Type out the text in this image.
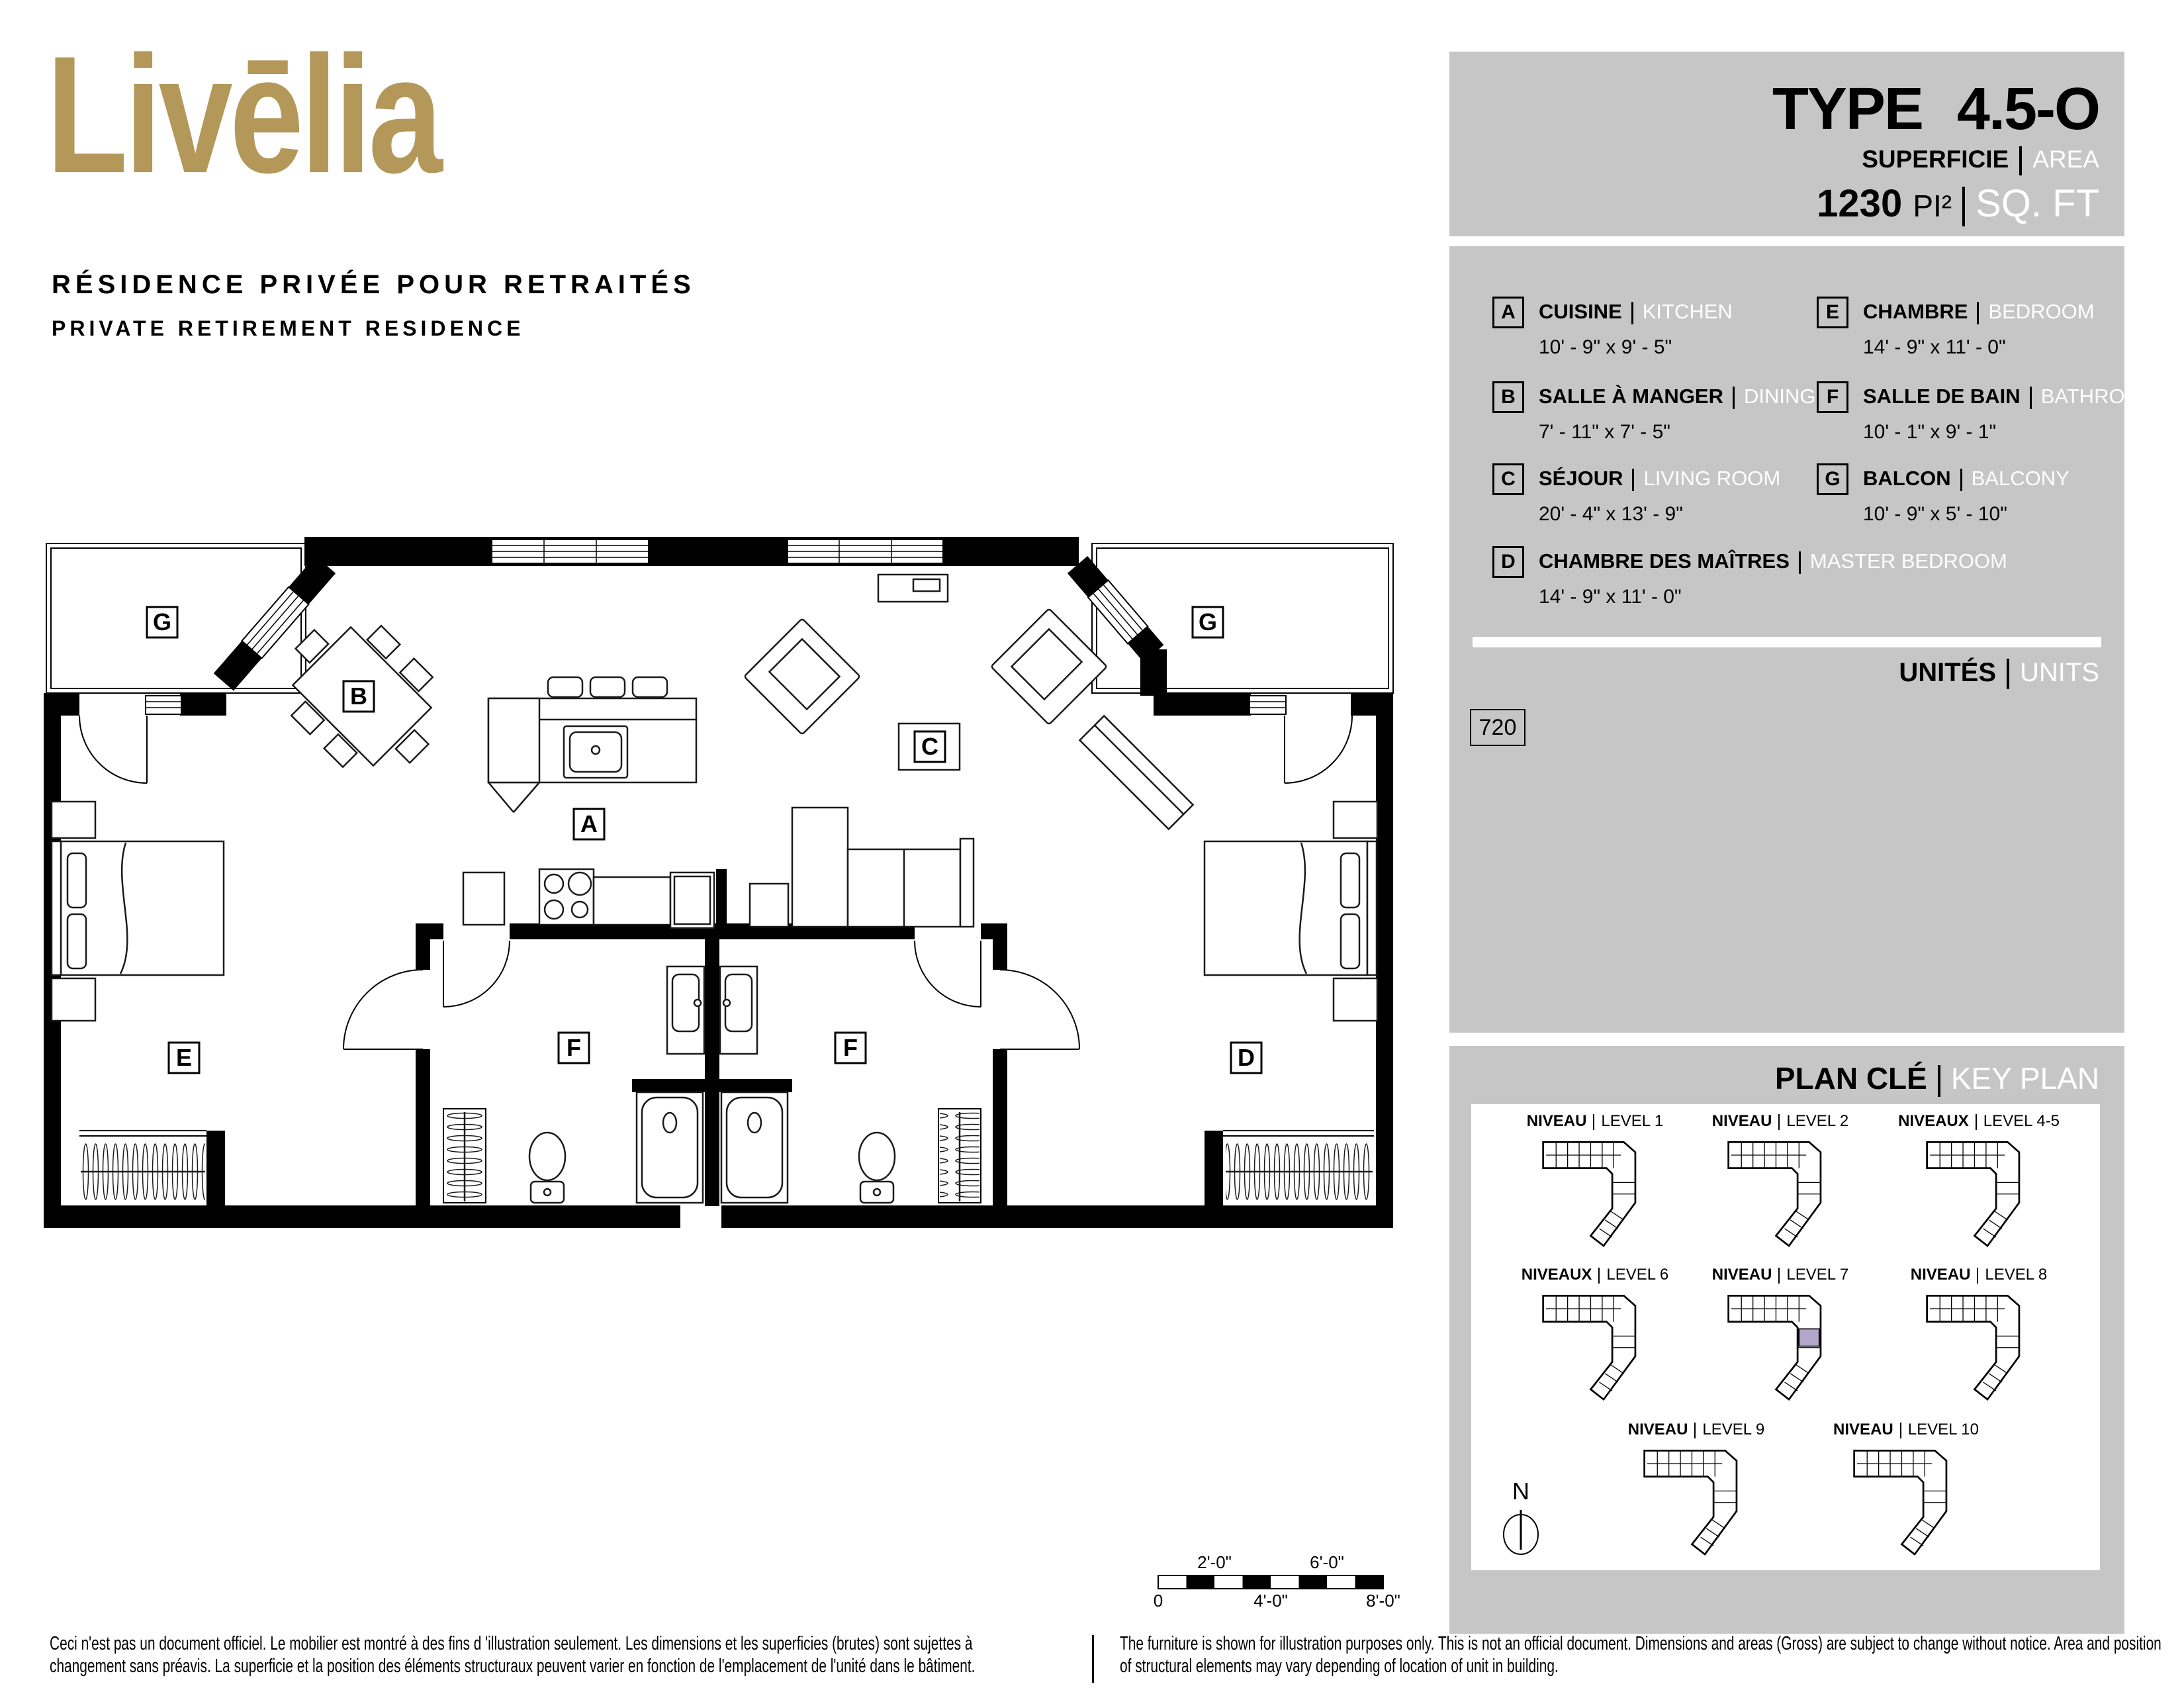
Livēlia
RÉSIDENCE PRIVÉE POUR RETRAITÉS
PRIVATE RETIREMENT RESIDENCE
G
B
A
C
G
E	F	F	D
2'-0"	6'-0"
0	4'-0"	8'-0"
TYPE 4.5-O
SUPERFICIE AREA
1230 PI² SQ. FT
A	CUISINE KITCHEN
10' - 9" x 9' - 5"
B	SALLE À MANGER DINING
7' - 11" x 7' - 5"
C	SÉJOUR LIVING ROOM
20' - 4" x 13' - 9"
D	CHAMBRE DES MAÎTRES MASTER BEDROOM
14' - 9" x 11' - 0"
E	CHAMBRE BEDROOM
14' - 9" x 11' - 0"
F	SALLE DE BAIN BATHROOM
10' - 1" x 9' - 1"
G	BALCON BALCONY
10' - 9" x 5' - 10"
UNITÉS UNITS
720
PLAN CLÉ KEY PLAN
NIVEAU LEVEL 1	NIVEAU LEVEL 2	NIVEAUX LEVEL 4-5
NIVEAUX LEVEL 6	NIVEAU LEVEL 7	NIVEAU LEVEL 8
NIVEAU LEVEL 9	NIVEAU LEVEL 10
N
Ceci n'est pas un document officiel. Le mobilier est montré à des fins d 'illustration seulement. Les dimensions et les superficies (brutes) sont sujettes à changement sans préavis. La superficie et la position des éléments structuraux peuvent varier en fonction de l'emplacement de l'unité dans le bâtiment.
The furniture is shown for illustration purposes only. This is not an official document. Dimensions and areas (Gross) are subject to change without notice. Area and position of structural elements may vary depending of location of unit in building.
